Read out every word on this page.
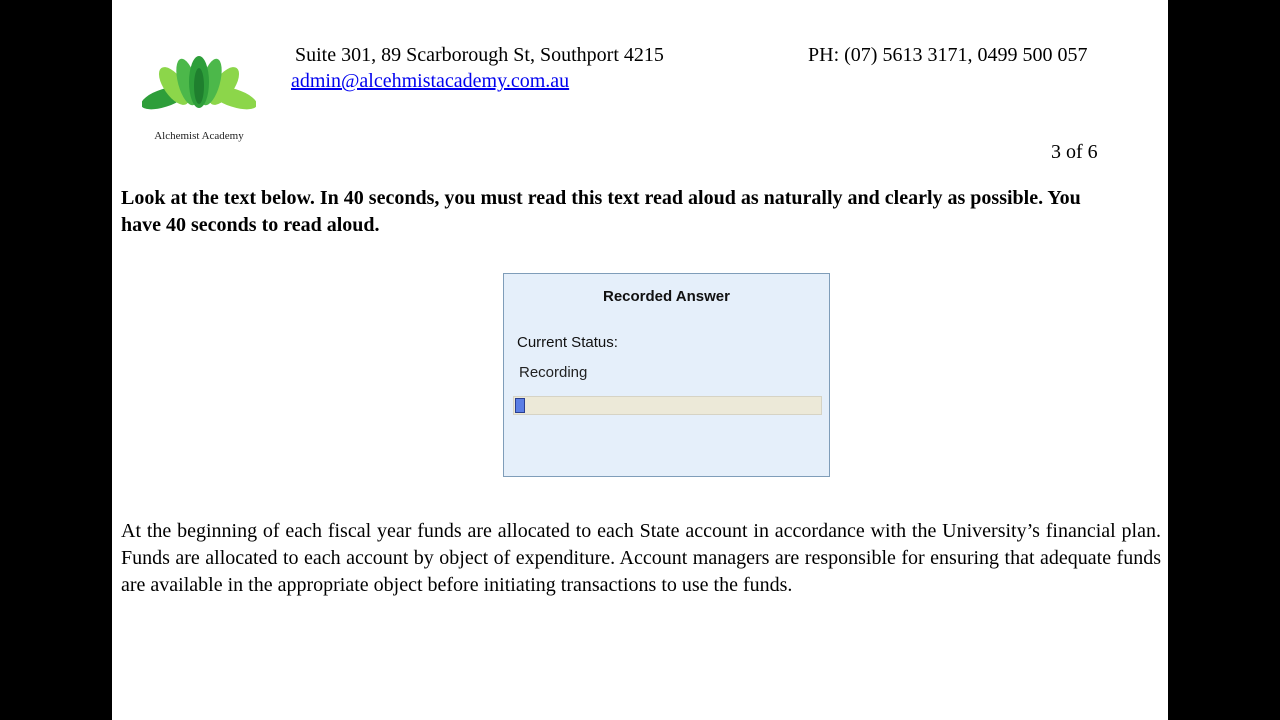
Alchemist Academy
Suite 301, 89 Scarborough St, Southport 4215	PH: (07) 5613 3171, 0499 500 057
admin@alcehmistacademy.com.au
3 of 6
Look at the text below. In 40 seconds, you must read this text read aloud as naturally and clearly as possible. You have 40 seconds to read aloud.
Recorded Answer
Current Status:
Recording
At the beginning of each fiscal year funds are allocated to each State account in accordance with the University’s financial plan. Funds are allocated to each account by object of expenditure. Account managers are responsible for ensuring that adequate funds are available in the appropriate object before initiating transactions to use the funds.
